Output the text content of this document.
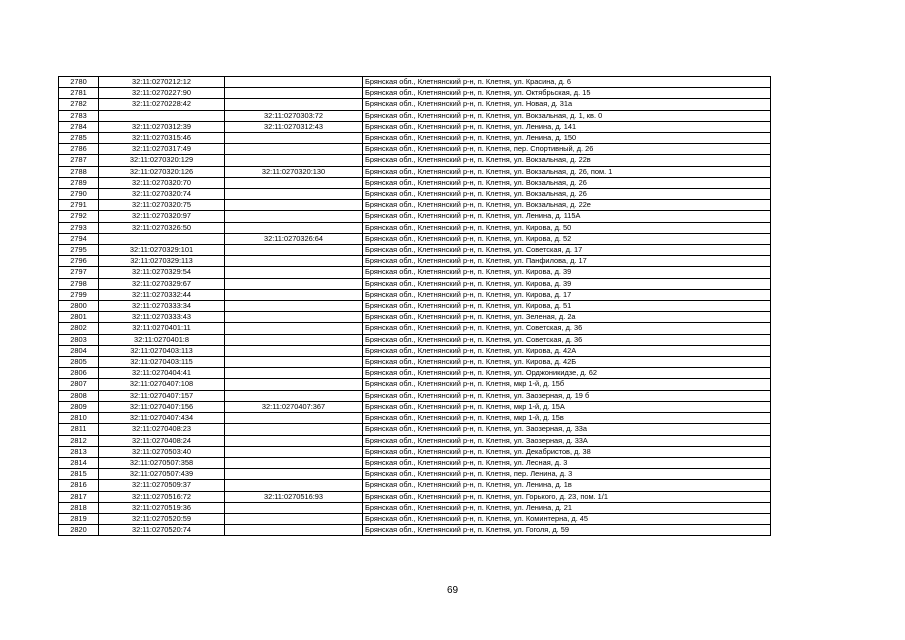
2780	32:11:0270212:12		Брянская обл., Клетнянский р-н, п. Клетня, ул. Красина, д. 6
2781	32:11:0270227:90		Брянская обл., Клетнянский р-н, п. Клетня, ул. Октябрьская, д. 15
2782	32:11:0270228:42		Брянская обл., Клетнянский р-н, п. Клетня, ул. Новая, д. 31а
2783		32:11:0270303:72	Брянская обл., Клетнянский р-н, п. Клетня, ул. Вокзальная, д. 1, кв. 0
2784	32:11:0270312:39	32:11:0270312:43	Брянская обл., Клетнянский р-н, п. Клетня, ул. Ленина, д. 141
2785	32:11:0270315:46		Брянская обл., Клетнянский р-н, п. Клетня, ул. Ленина, д. 150
2786	32:11:0270317:49		Брянская обл., Клетнянский р-н, п. Клетня, пер. Спортивный, д. 26
2787	32:11:0270320:129		Брянская обл., Клетнянский р-н, п. Клетня, ул. Вокзальная, д. 22в
2788	32:11:0270320:126	32:11:0270320:130	Брянская обл., Клетнянский р-н, п. Клетня, ул. Вокзальная, д. 26, пом. 1
2789	32:11:0270320:70		Брянская обл., Клетнянский р-н, п. Клетня, ул. Вокзальная, д. 26
2790	32:11:0270320:74		Брянская обл., Клетнянский р-н, п. Клетня, ул. Вокзальная, д. 26
2791	32:11:0270320:75		Брянская обл., Клетнянский р-н, п. Клетня, ул. Вокзальная, д. 22е
2792	32:11:0270320:97		Брянская обл., Клетнянский р-н, п. Клетня, ул. Ленина, д. 115А
2793	32:11:0270326:50		Брянская обл., Клетнянский р-н, п. Клетня, ул. Кирова, д. 50
2794		32:11:0270326:64	Брянская обл., Клетнянский р-н, п. Клетня, ул. Кирова, д. 52
2795	32:11:0270329:101		Брянская обл., Клетнянский р-н, п. Клетня, ул. Советская, д. 17
2796	32:11:0270329:113		Брянская обл., Клетнянский р-н, п. Клетня, ул. Панфилова, д. 17
2797	32:11:0270329:54		Брянская обл., Клетнянский р-н, п. Клетня, ул. Кирова, д. 39
2798	32:11:0270329:67		Брянская обл., Клетнянский р-н, п. Клетня, ул. Кирова, д. 39
2799	32:11:0270332:44		Брянская обл., Клетнянский р-н, п. Клетня, ул. Кирова, д. 17
2800	32:11:0270333:34		Брянская обл., Клетнянский р-н, п. Клетня, ул. Кирова, д. 51
2801	32:11:0270333:43		Брянская обл., Клетнянский р-н, п. Клетня, ул. Зеленая, д. 2а
2802	32:11:0270401:11		Брянская обл., Клетнянский р-н, п. Клетня, ул. Советская, д. 36
2803	32:11:0270401:8		Брянская обл., Клетнянский р-н, п. Клетня, ул. Советская, д. 36
2804	32:11:0270403:113		Брянская обл., Клетнянский р-н, п. Клетня, ул. Кирова, д. 42А
2805	32:11:0270403:115		Брянская обл., Клетнянский р-н, п. Клетня, ул. Кирова, д. 42Б
2806	32:11:0270404:41		Брянская обл., Клетнянский р-н, п. Клетня, ул. Орджоникидзе, д. 62
2807	32:11:0270407:108		Брянская обл., Клетнянский р-н, п. Клетня, мкр 1-й, д. 15б
2808	32:11:0270407:157		Брянская обл., Клетнянский р-н, п. Клетня, ул. Заозерная, д. 19 б
2809	32:11:0270407:156	32:11:0270407:367	Брянская обл., Клетнянский р-н, п. Клетня, мкр 1-й, д. 15А
2810	32:11:0270407:434		Брянская обл., Клетнянский р-н, п. Клетня, мкр 1-й, д. 15в
2811	32:11:0270408:23		Брянская обл., Клетнянский р-н, п. Клетня, ул. Заозерная, д. 33а
2812	32:11:0270408:24		Брянская обл., Клетнянский р-н, п. Клетня, ул. Заозерная, д. 33А
2813	32:11:0270503:40		Брянская обл., Клетнянский р-н, п. Клетня, ул. Декабристов, д. 38
2814	32:11:0270507:358		Брянская обл., Клетнянский р-н, п. Клетня, ул. Лесная, д. 3
2815	32:11:0270507:439		Брянская обл., Клетнянский р-н, п. Клетня, пер. Ленина, д. 3
2816	32:11:0270509:37		Брянская обл., Клетнянский р-н, п. Клетня, ул. Ленина, д. 1в
2817	32:11:0270516:72	32:11:0270516:93	Брянская обл., Клетнянский р-н, п. Клетня, ул. Горького, д. 23, пом. 1/1
2818	32:11:0270519:36		Брянская обл., Клетнянский р-н, п. Клетня, ул. Ленина, д. 21
2819	32:11:0270520:59		Брянская обл., Клетнянский р-н, п. Клетня, ул. Коминтерна, д. 45
2820	32:11:0270520:74		Брянская обл., Клетнянский р-н, п. Клетня, ул. Гоголя, д. 59
69
